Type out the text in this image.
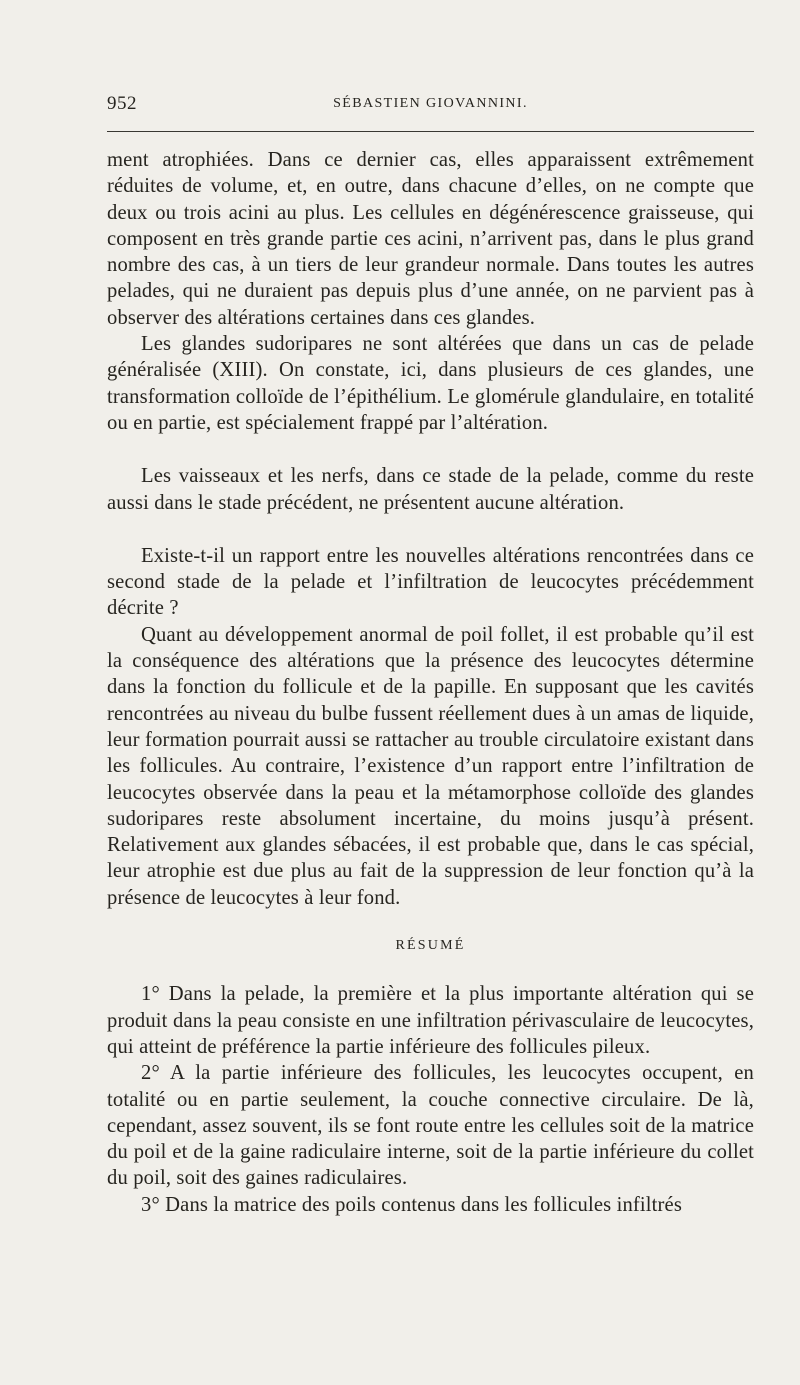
952	SÉBASTIEN GIOVANNINI.

ment atrophiées. Dans ce dernier cas, elles apparaissent extrêmement réduites de volume, et, en outre, dans chacune d’elles, on ne compte que deux ou trois acini au plus. Les cellules en dégénérescence graisseuse, qui composent en très grande partie ces acini, n’arrivent pas, dans le plus grand nombre des cas, à un tiers de leur grandeur normale. Dans toutes les autres pelades, qui ne duraient pas depuis plus d’une année, on ne parvient pas à observer des altérations certaines dans ces glandes.

Les glandes sudoripares ne sont altérées que dans un cas de pelade généralisée (XIII). On constate, ici, dans plusieurs de ces glandes, une transformation colloïde de l’épithélium. Le glomérule glandulaire, en totalité ou en partie, est spécialement frappé par l’altération.

Les vaisseaux et les nerfs, dans ce stade de la pelade, comme du reste aussi dans le stade précédent, ne présentent aucune altération.

Existe-t-il un rapport entre les nouvelles altérations rencontrées dans ce second stade de la pelade et l’infiltration de leucocytes précédemment décrite ?

Quant au développement anormal de poil follet, il est probable qu’il est la conséquence des altérations que la présence des leucocytes détermine dans la fonction du follicule et de la papille. En supposant que les cavités rencontrées au niveau du bulbe fussent réellement dues à un amas de liquide, leur formation pourrait aussi se rattacher au trouble circulatoire existant dans les follicules. Au contraire, l’existence d’un rapport entre l’infiltration de leucocytes observée dans la peau et la métamorphose colloïde des glandes sudoripares reste absolument incertaine, du moins jusqu’à présent. Relativement aux glandes sébacées, il est probable que, dans le cas spécial, leur atrophie est due plus au fait de la suppression de leur fonction qu’à la présence de leucocytes à leur fond.

RÉSUMÉ

1° Dans la pelade, la première et la plus importante altération qui se produit dans la peau consiste en une infiltration périvasculaire de leucocytes, qui atteint de préférence la partie inférieure des follicules pileux.

2° A la partie inférieure des follicules, les leucocytes occupent, en totalité ou en partie seulement, la couche connective circulaire. De là, cependant, assez souvent, ils se font route entre les cellules soit de la matrice du poil et de la gaine radiculaire interne, soit de la partie inférieure du collet du poil, soit des gaines radiculaires.

3° Dans la matrice des poils contenus dans les follicules infiltrés
